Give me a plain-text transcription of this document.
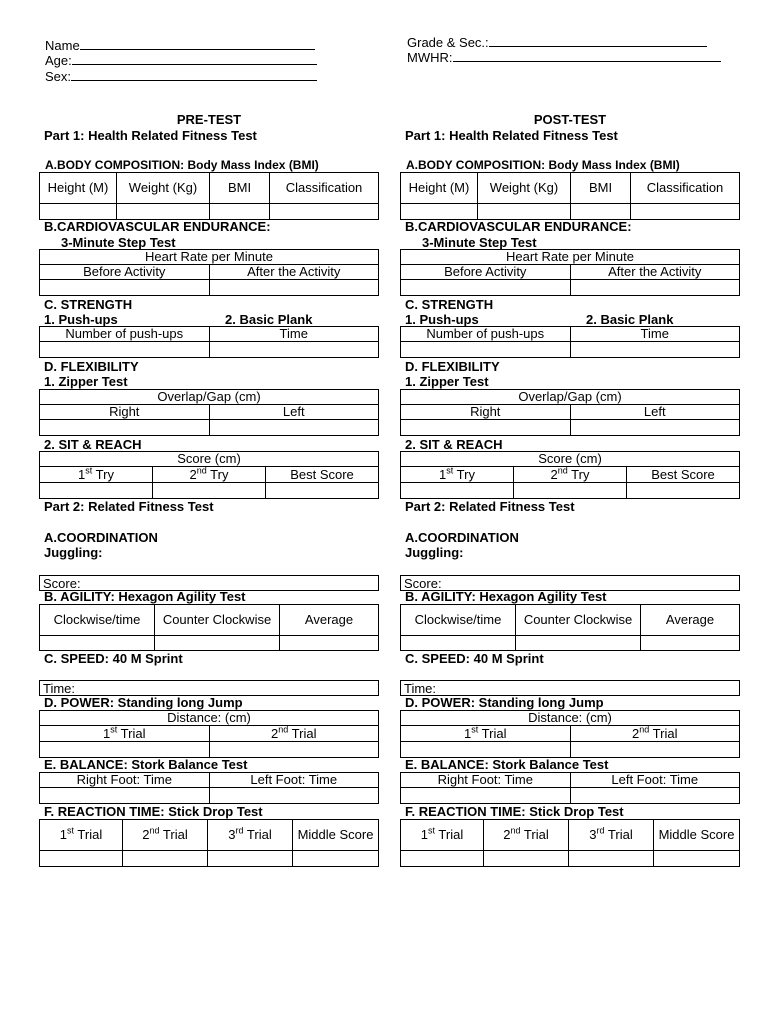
Name
Age:
Sex:
Grade & Sec.:
MWHR:
PRE-TEST
Part 1: Health Related Fitness Test
A.BODY COMPOSITION: Body Mass Index (BMI)
Height (M)	Weight (Kg)	BMI	Classification

B.CARDIOVASCULAR ENDURANCE:
3-Minute Step Test
Heart Rate per Minute	
Before Activity	After the Activity

C. STRENGTH
1. Push-ups	2. Basic Plank
Number of push-ups	Time

D. FLEXIBILITY
1. Zipper Test
Overlap/Gap (cm)	
Right	Left

2. SIT & REACH
Score (cm)		
1st Try	2nd Try	Best Score

Part 2: Related Fitness Test
A.COORDINATION
Juggling:
Score:
B. AGILITY: Hexagon Agility Test
Clockwise/time	Counter Clockwise	Average

C. SPEED: 40 M Sprint
Time:
D. POWER: Standing long Jump
Distance: (cm)	
1st Trial	2nd Trial

E. BALANCE: Stork Balance Test
Right Foot: Time	Left Foot: Time

F. REACTION TIME: Stick Drop Test
1st Trial	2nd Trial	3rd Trial	Middle Score

POST-TEST
Part 1: Health Related Fitness Test
A.BODY COMPOSITION: Body Mass Index (BMI)
Height (M)	Weight (Kg)	BMI	Classification

B.CARDIOVASCULAR ENDURANCE:
3-Minute Step Test
Heart Rate per Minute	
Before Activity	After the Activity

C. STRENGTH
1. Push-ups	2. Basic Plank
Number of push-ups	Time

D. FLEXIBILITY
1. Zipper Test
Overlap/Gap (cm)	
Right	Left

2. SIT & REACH
Score (cm)		
1st Try	2nd Try	Best Score

Part 2: Related Fitness Test
A.COORDINATION
Juggling:
Score:
B. AGILITY: Hexagon Agility Test
Clockwise/time	Counter Clockwise	Average

C. SPEED: 40 M Sprint
Time:
D. POWER: Standing long Jump
Distance: (cm)	
1st Trial	2nd Trial

E. BALANCE: Stork Balance Test
Right Foot: Time	Left Foot: Time

F. REACTION TIME: Stick Drop Test
1st Trial	2nd Trial	3rd Trial	Middle Score
